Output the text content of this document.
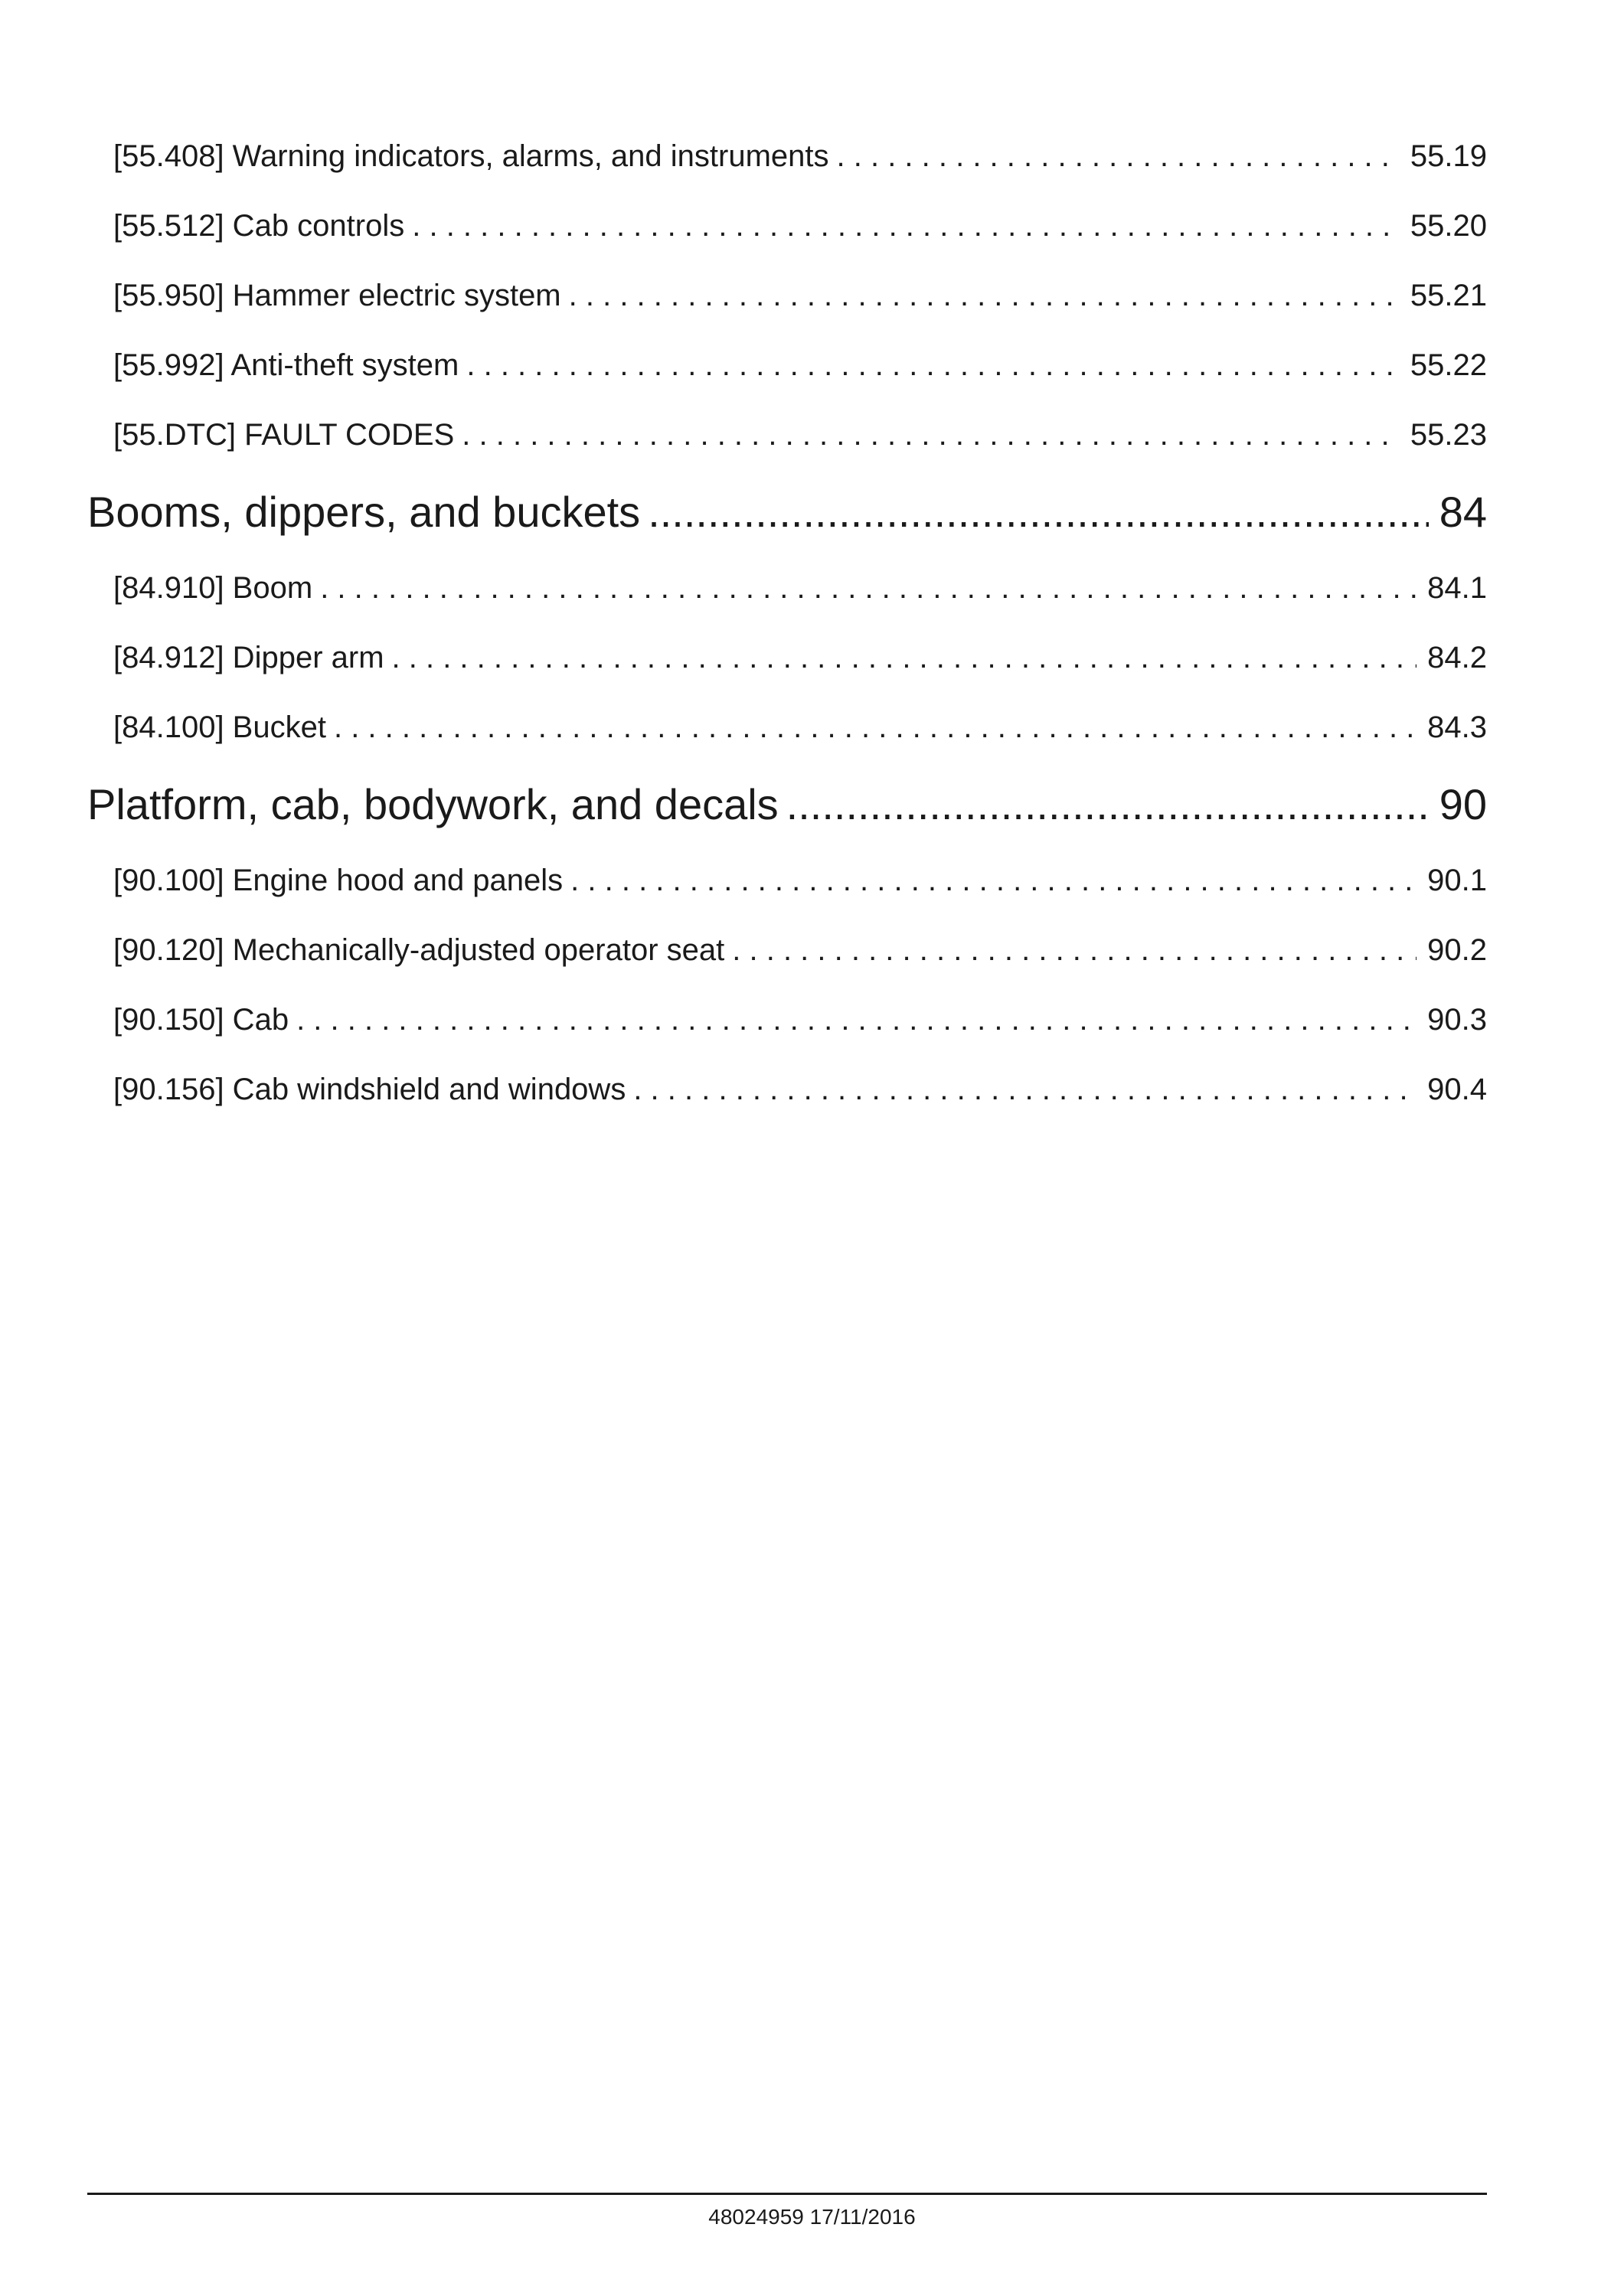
[55.408] Warning indicators, alarms, and instruments . . .	55.19
[55.512] Cab controls . . .	55.20
[55.950] Hammer electric system . . .	55.21
[55.992] Anti-theft system . . .	55.22
[55.DTC] FAULT CODES . . .	55.23
Booms, dippers, and buckets .....	84
[84.910] Boom . . .	84.1
[84.912] Dipper arm . . .	84.2
[84.100] Bucket . . .	84.3
Platform, cab, bodywork, and decals .....	90
[90.100] Engine hood and panels . . .	90.1
[90.120] Mechanically-adjusted operator seat . . .	90.2
[90.150] Cab . . .	90.3
[90.156] Cab windshield and windows . . .	90.4
48024959 17/11/2016
